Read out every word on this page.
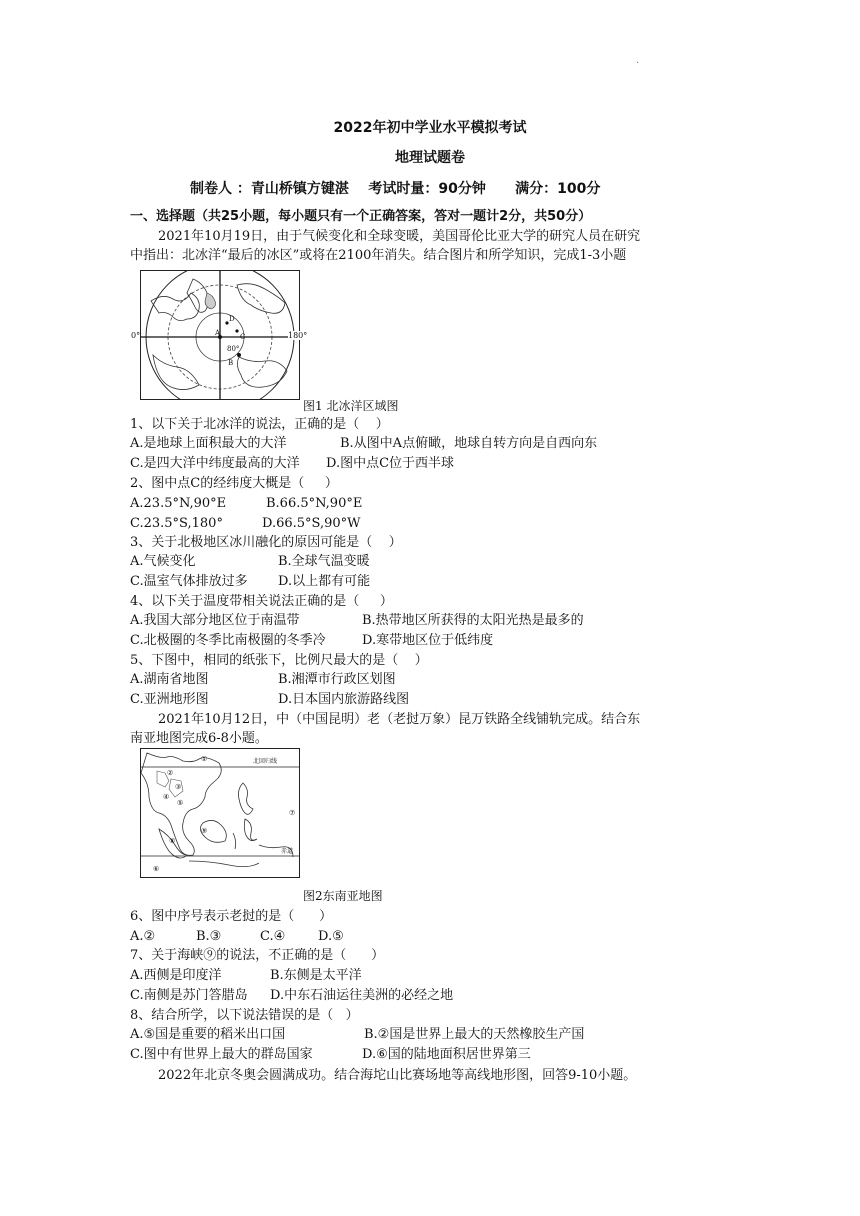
·
2022年初中学业水平模拟考试
地理试题卷
制卷人 ：青山桥镇方键湛    考试时量：90分钟      满分：100分
一、选择题（共25小题，每小题只有一个正确答案，答对一题计2分，共50分）
2021年10月19日，由于气候变化和全球变暖，美国哥伦比亚大学的研究人员在研究
中指出：北冰洋“最后的冰区”或将在2100年消失。结合图片和所学知识，完成1-3小题
A
B
C
D
80°
0°	180°
图1 北冰洋区域图
1、以下关于北冰洋的说法，正确的是（    ）
A.是地球上面积最大的大洋	B.从图中A点俯瞰，地球自转方向是自西向东
C.是四大洋中纬度最高的大洋 D.图中点C位于西半球
2、图中点C的经纬度大概是（     ）
A.23.5°N,90°E	B.66.5°N,90°E
C.23.5°S,180°	D.66.5°S,90°W
3、关于北极地区冰川融化的原因可能是（    ）
A.气候变化	B.全球气温变暖
C.温室气体排放过多 D.以上都有可能
4、以下关于温度带相关说法正确的是（     ）
A.我国大部分地区位于南温带	B.热带地区所获得的太阳光热是最多的
C.北极圈的冬季比南极圈的冬季冷	D.寒带地区位于低纬度
5、下图中，相同的纸张下，比例尺最大的是（    ）
A.湖南省地图	B.湘潭市行政区划图
C.亚洲地形图	D.日本国内旅游路线图
2021年10月12日，中（中国昆明）老（老挝万象）昆万铁路全线铺轨完成。结合东
南亚地图完成6-8小题。
北回归线
赤道
①
②
③
④
⑤
⑥
⑦
⑧
⑨
图2东南亚地图
6、图中序号表示老挝的是（      ）
A.②	B.③	C.④	D.⑤
7、关于海峡⑨的说法，不正确的是（      ）
A.西侧是印度洋	B.东侧是太平洋
C.南侧是苏门答腊岛 D.中东石油运往美洲的必经之地
8、结合所学，以下说法错误的是（   ）
A.⑤国是重要的稻米出口国	B.②国是世界上最大的天然橡胶生产国
C.图中有世界上最大的群岛国家	D.⑥国的陆地面积居世界第三
2022年北京冬奥会圆满成功。结合海坨山比赛场地等高线地形图，回答9-10小题。
